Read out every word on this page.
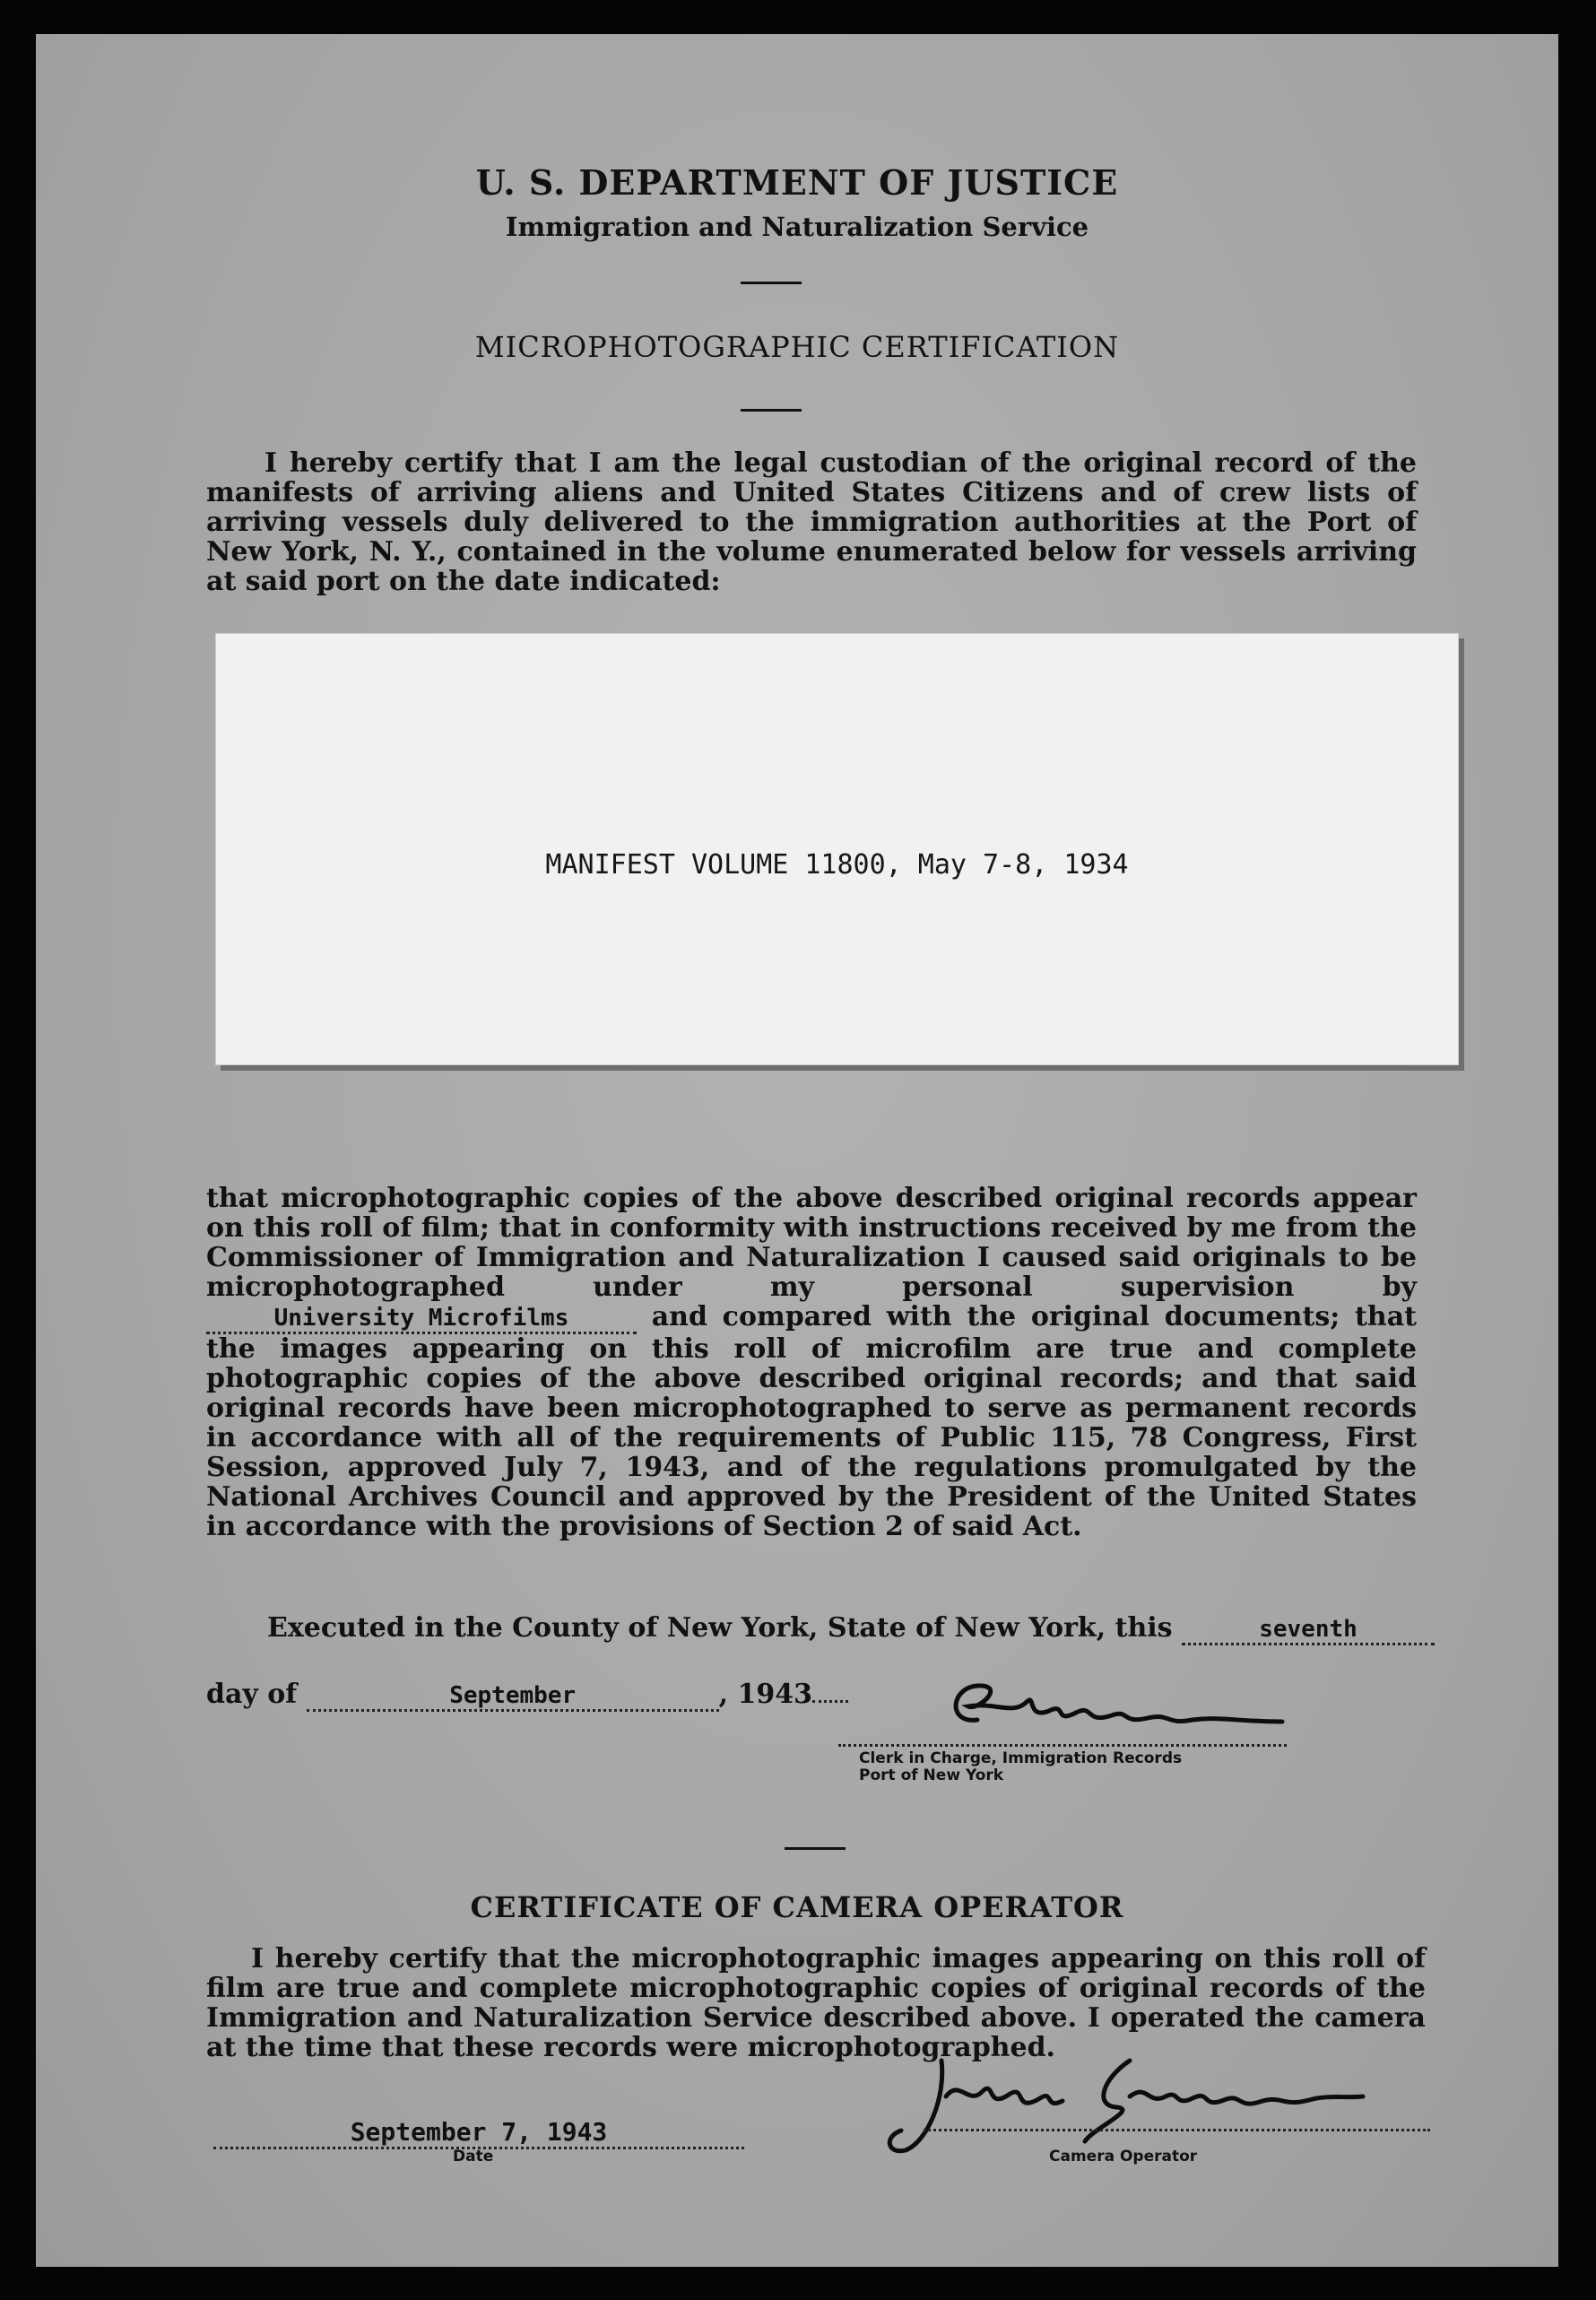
U. S. DEPARTMENT OF JUSTICE
Immigration and Naturalization Service
MICROPHOTOGRAPHIC CERTIFICATION
I hereby certify that I am the legal custodian of the original record of the manifests of arriving aliens and United States Citizens and of crew lists of arriving vessels duly delivered to the immigration authorities at the Port of New York, N. Y., contained in the volume enumerated below for vessels arriving at said port on the date indicated:
MANIFEST VOLUME 11800, May 7-8, 1934
that microphotographic copies of the above described original records appear on this roll of film; that in conformity with instructions received by me from the Commissioner of Immigration and Naturalization I caused said originals to be microphotographed under my personal supervision by University Microfilms	and compared with the original documents; that the images appearing on this roll of microfilm are true and complete photographic copies of the above described original records; and that said original records have been microphotographed to serve as permanent records in accordance with all of the requirements of Public 115, 78 Congress, First Session, approved July 7, 1943, and of the regulations promulgated by the National Archives Council and approved by the President of the United States in accordance with the provisions of Section 2 of said Act.
Executed in the County of New York, State of New York, this	seventh
day of	September	, 1943
Clerk in Charge, Immigration Records
Port of New York
CERTIFICATE OF CAMERA OPERATOR
I hereby certify that the microphotographic images appearing on this roll of film are true and complete microphotographic copies of original records of the Immigration and Naturalization Service described above. I operated the camera at the time that these records were microphotographed.
September 7, 1943
Date	Camera Operator
